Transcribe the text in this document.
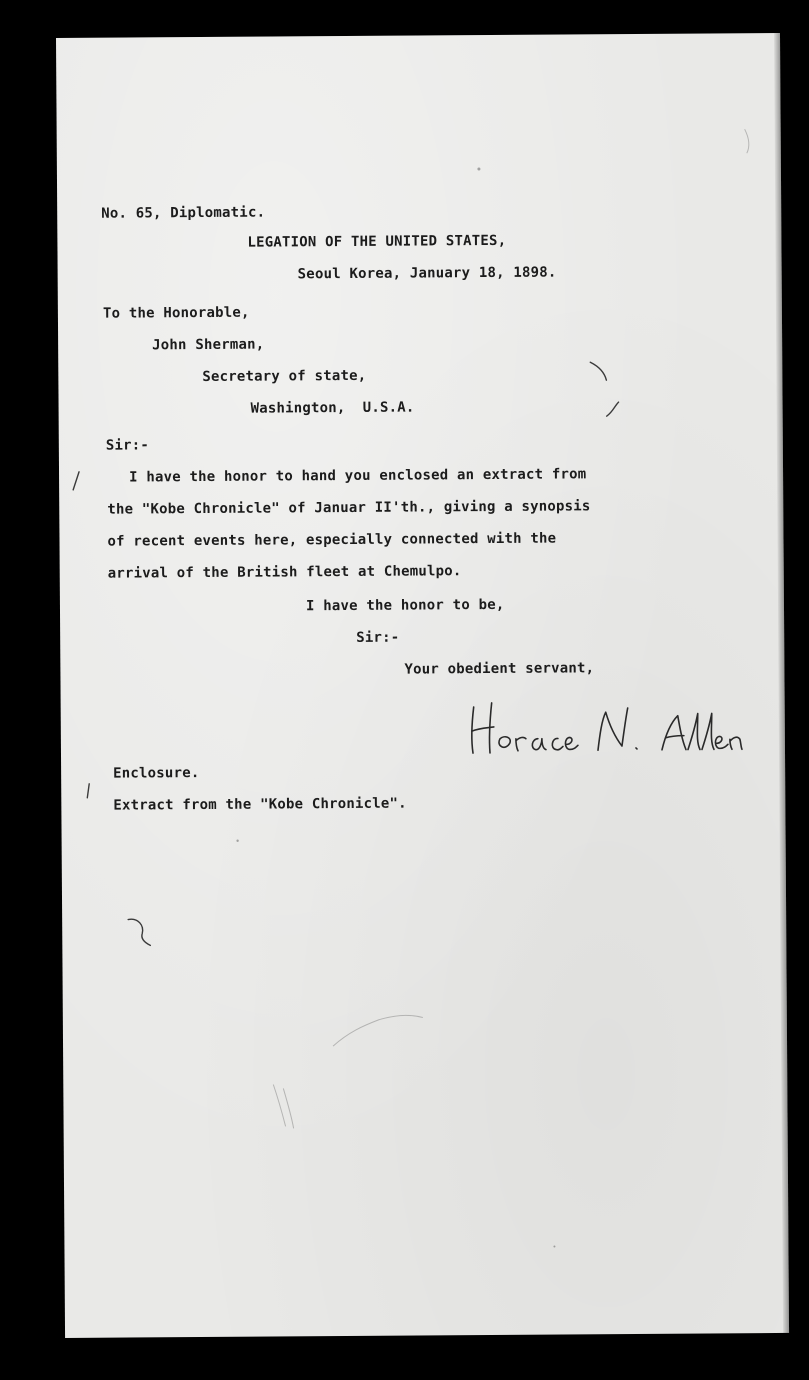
No. 65, Diplomatic.
LEGATION OF THE UNITED STATES,
Seoul Korea, January 18, 1898.
To the Honorable,
John Sherman,
Secretary of state,
Washington,  U.S.A.
Sir:-
I have the honor to hand you enclosed an extract from
the "Kobe Chronicle" of Januar II'th., giving a synopsis
of recent events here, especially connected with the
arrival of the British fleet at Chemulpo.
I have the honor to be,
Sir:-
Your obedient servant,
Enclosure.
Extract from the "Kobe Chronicle".
